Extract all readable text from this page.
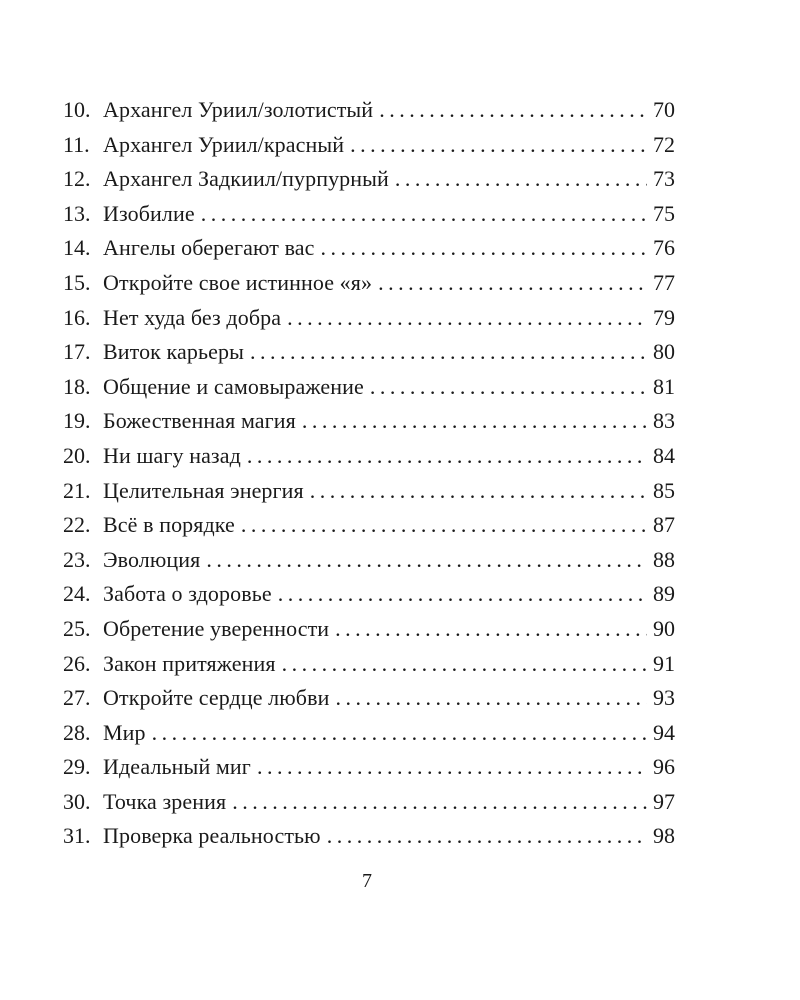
10. Архангел Уриил/золотистый . . .	70
11. Архангел Уриил/красный . . .	72
12. Архангел Задкиил/пурпурный . . .	73
13. Изобилие . . .	75
14. Ангелы оберегают вас . . .	76
15. Откройте свое истинное «я» . . .	77
16. Нет худа без добра . . .	79
17. Виток карьеры . . .	80
18. Общение и самовыражение . . .	81
19. Божественная магия . . .	83
20. Ни шагу назад . . .	84
21. Целительная энергия . . .	85
22. Всё в порядке . . .	87
23. Эволюция . . .	88
24. Забота о здоровье . . .	89
25. Обретение уверенности . . .	90
26. Закон притяжения . . .	91
27. Откройте сердце любви . . .	93
28. Мир . . .	94
29. Идеальный миг . . .	96
30. Точка зрения . . .	97
31. Проверка реальностью . . .	98
7
